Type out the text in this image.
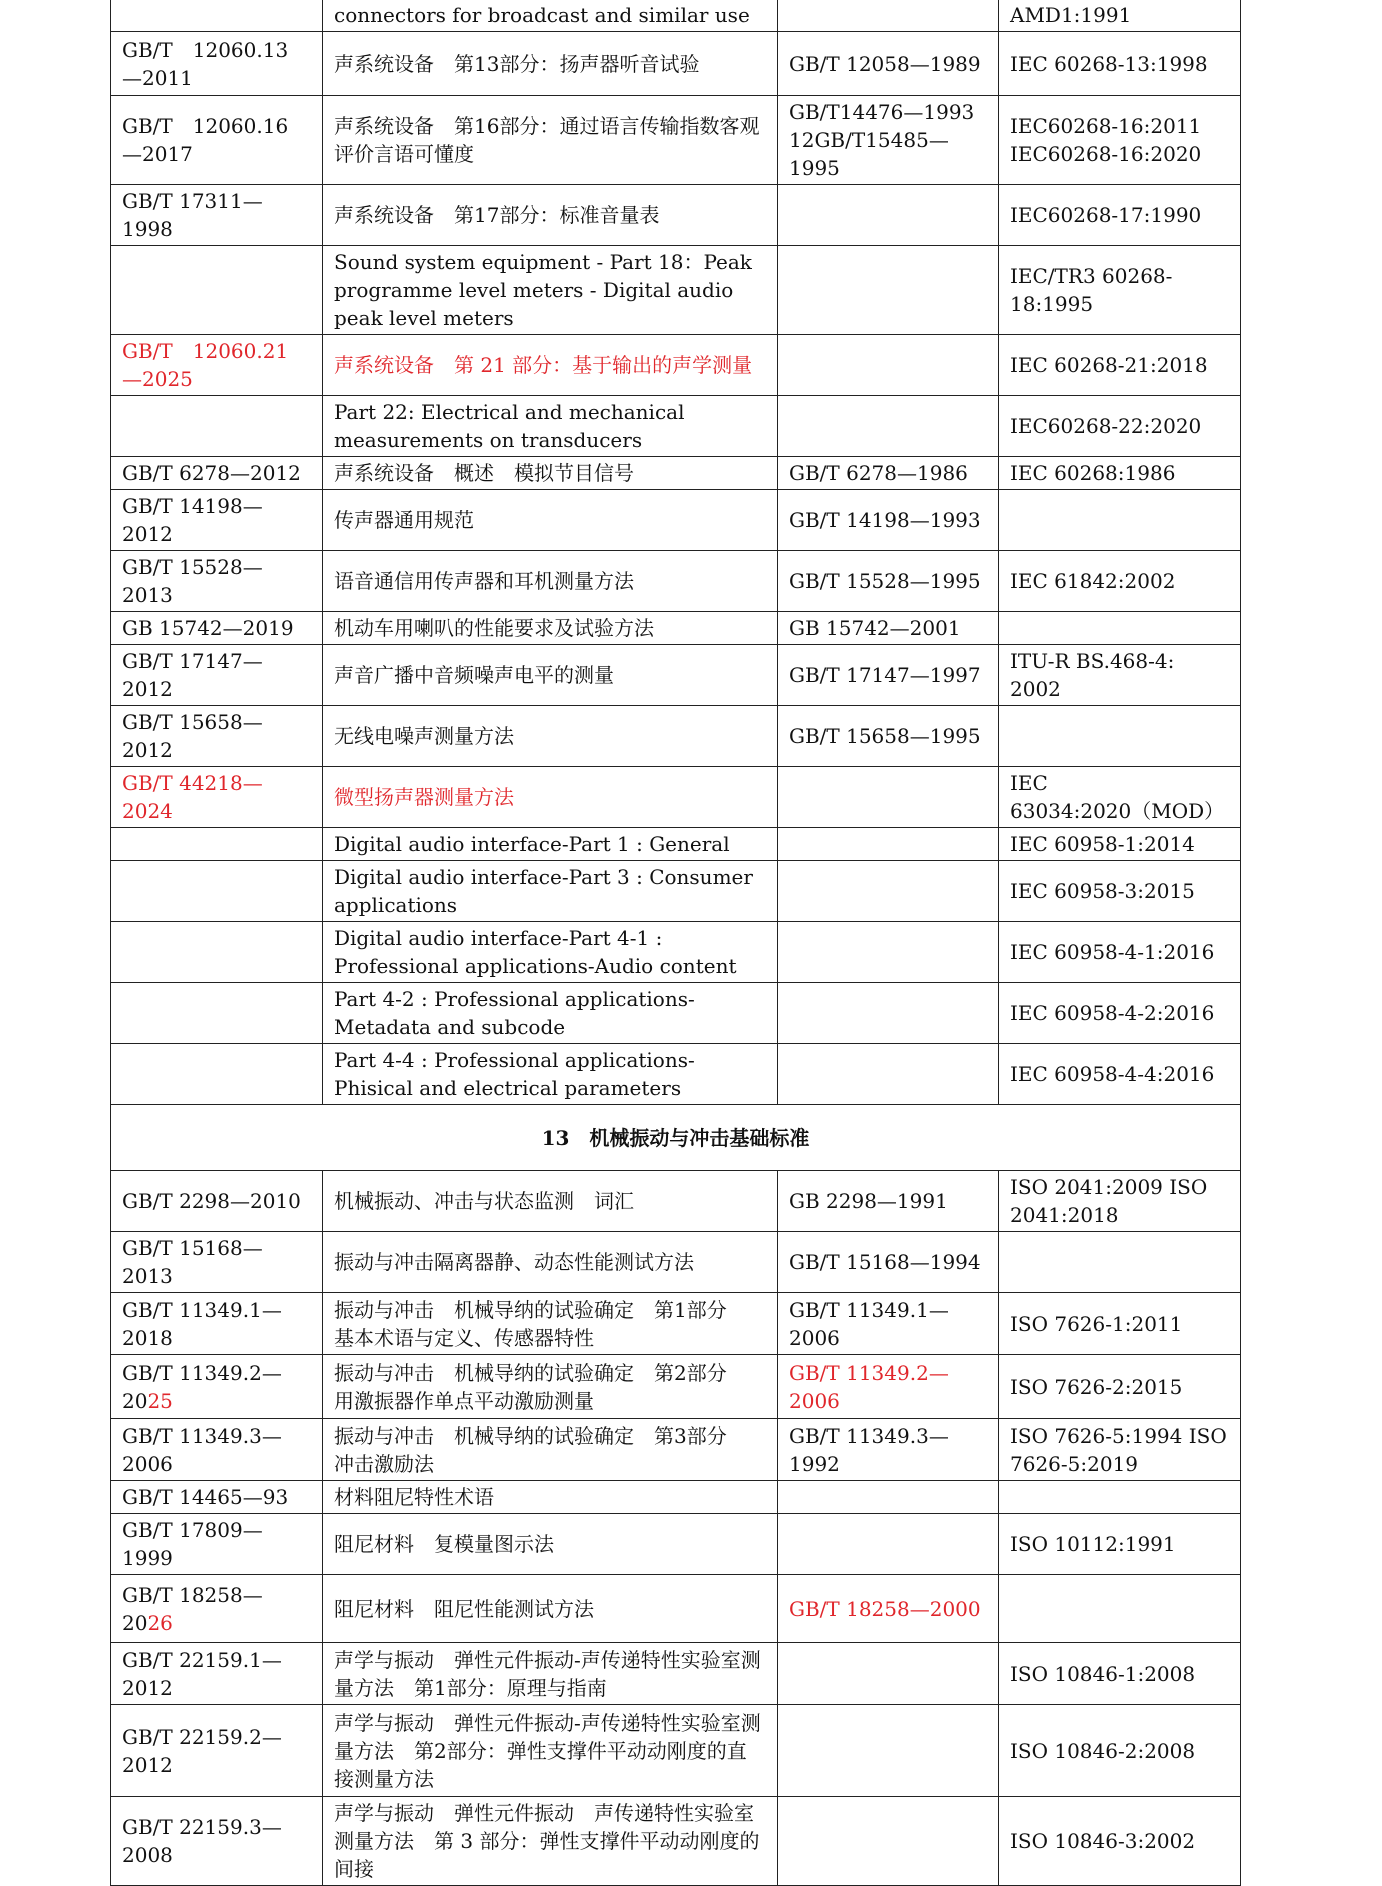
	connectors for broadcast and similar use		AMD1:1991
GB/T　12060.13　—2011	声系统设备　第13部分：扬声器听音试验	GB/T 12058—1989	IEC 60268-13:1998
GB/T　12060.16　—2017	声系统设备　第16部分：通过语言传输指数客观评价言语可懂度	GB/T14476—1993 12GB/T15485—1995	IEC60268-16:2011 IEC60268-16:2020
GB/T 17311—1998	声系统设备　第17部分：标准音量表		IEC60268-17:1990
	Sound system equipment - Part 18：Peak programme level meters - Digital audio peak level meters		IEC/TR3 60268-18:1995
GB/T　12060.21　—2025	声系统设备　第 21 部分：基于输出的声学测量		IEC 60268-21:2018
	Part 22: Electrical and mechanical measurements on transducers		IEC60268-22:2020
GB/T 6278—2012	声系统设备　概述　模拟节目信号	GB/T 6278—1986	IEC 60268:1986
GB/T 14198—2012	传声器通用规范	GB/T 14198—1993	
GB/T 15528—2013	语音通信用传声器和耳机测量方法	GB/T 15528—1995	IEC 61842:2002
GB 15742—2019	机动车用喇叭的性能要求及试验方法	GB 15742—2001	
GB/T 17147—2012	声音广播中音频噪声电平的测量	GB/T 17147—1997	ITU-R BS.468-4: 2002
GB/T 15658—2012	无线电噪声测量方法	GB/T 15658—1995	
GB/T 44218—2024	微型扬声器测量方法		IEC　　　63034:2020（MOD）
	Digital audio interface-Part 1 : General		IEC 60958-1:2014
	Digital audio interface-Part 3 : Consumer applications		IEC 60958-3:2015
	Digital audio interface-Part 4-1 : Professional applications-Audio content		IEC 60958-4-1:2016
	Part 4-2 : Professional applications-Metadata and subcode		IEC 60958-4-2:2016
	Part 4-4 : Professional applications-Phisical and electrical parameters		IEC 60958-4-4:2016
13　机械振动与冲击基础标准			
GB/T 2298—2010	机械振动、冲击与状态监测　词汇	GB 2298—1991	ISO 2041:2009 ISO 2041:2018
GB/T 15168—2013	振动与冲击隔离器静、动态性能测试方法	GB/T 15168—1994	
GB/T 11349.1—2018	振动与冲击　机械导纳的试验确定　第1部分　基本术语与定义、传感器特性	GB/T 11349.1—2006	ISO 7626-1:2011
GB/T 11349.2—2025	振动与冲击　机械导纳的试验确定　第2部分　用激振器作单点平动激励测量	GB/T 11349.2—2006	ISO 7626-2:2015
GB/T 11349.3—2006	振动与冲击　机械导纳的试验确定　第3部分　冲击激励法	GB/T 11349.3—1992	ISO 7626-5:1994 ISO 7626-5:2019
GB/T 14465—93	材料阻尼特性术语		
GB/T 17809—1999	阻尼材料　复模量图示法		ISO 10112:1991
GB/T 18258—2026	阻尼材料　阻尼性能测试方法	GB/T 18258—2000	
GB/T 22159.1—2012	声学与振动　弹性元件振动-声传递特性实验室测量方法　第1部分：原理与指南		ISO 10846-1:2008
GB/T 22159.2—2012	声学与振动　弹性元件振动-声传递特性实验室测量方法　第2部分：弹性支撑件平动动刚度的直接测量方法		ISO 10846-2:2008
GB/T 22159.3—2008	声学与振动　弹性元件振动　声传递特性实验室测量方法　第 3 部分：弹性支撑件平动动刚度的间接		ISO 10846-3:2002
